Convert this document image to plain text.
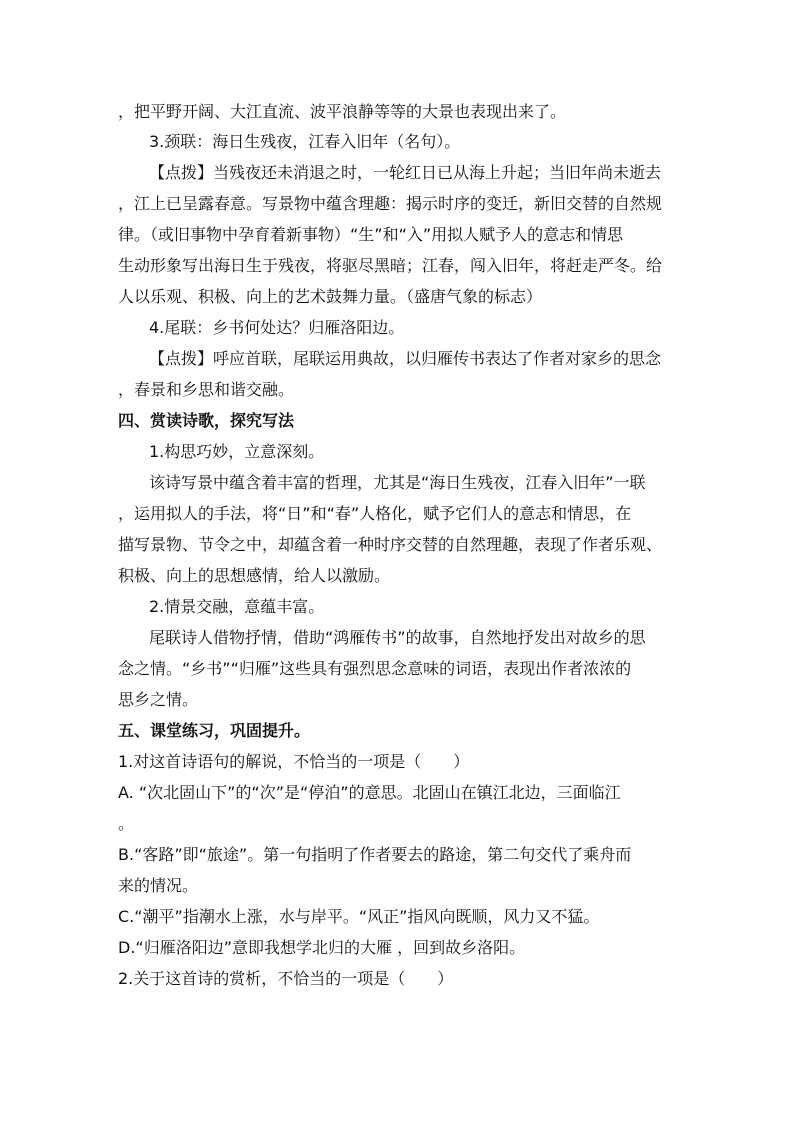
，把平野开阔、大江直流、波平浪静等等的大景也表现出来了。
3.颈联：海日生残夜，江春入旧年（名句）。
【点拨】当残夜还未消退之时，一轮红日已从海上升起；当旧年尚未逝去
，江上已呈露春意。写景物中蕴含理趣：揭示时序的变迁，新旧交替的自然规
律。（或旧事物中孕育着新事物）“生”和“入”用拟人赋予人的意志和情思
生动形象写出海日生于残夜，将驱尽黑暗；江春，闯入旧年，将赶走严冬。给
人以乐观、积极、向上的艺术鼓舞力量。（盛唐气象的标志）
4.尾联：乡书何处达？归雁洛阳边。
【点拨】呼应首联，尾联运用典故，以归雁传书表达了作者对家乡的思念
，春景和乡思和谐交融。
四、赏读诗歌，探究写法
1.构思巧妙，立意深刻。
该诗写景中蕴含着丰富的哲理，尤其是“海日生残夜，江春入旧年”一联
，运用拟人的手法，将“日”和“春”人格化，赋予它们人的意志和情思，在
描写景物、节令之中，却蕴含着一种时序交替的自然理趣，表现了作者乐观、
积极、向上的思想感情，给人以激励。
2.情景交融，意蕴丰富。
尾联诗人借物抒情，借助“鸿雁传书”的故事，自然地抒发出对故乡的思
念之情。“乡书”“归雁”这些具有强烈思念意味的词语，表现出作者浓浓的
思乡之情。
五、课堂练习，巩固提升。
1.对这首诗语句的解说，不恰当的一项是（　　）
A. “次北固山下”的“次”是“停泊”的意思。北固山在镇江北边，三面临江
。
B.“客路”即“旅途”。第一句指明了作者要去的路途，第二句交代了乘舟而
来的情况。
C.“潮平”指潮水上涨，水与岸平。“风正”指风向既顺，风力又不猛。
D.“归雁洛阳边”意即我想学北归的大雁 ，回到故乡洛阳。
2.关于这首诗的赏析，不恰当的一项是（　　）
